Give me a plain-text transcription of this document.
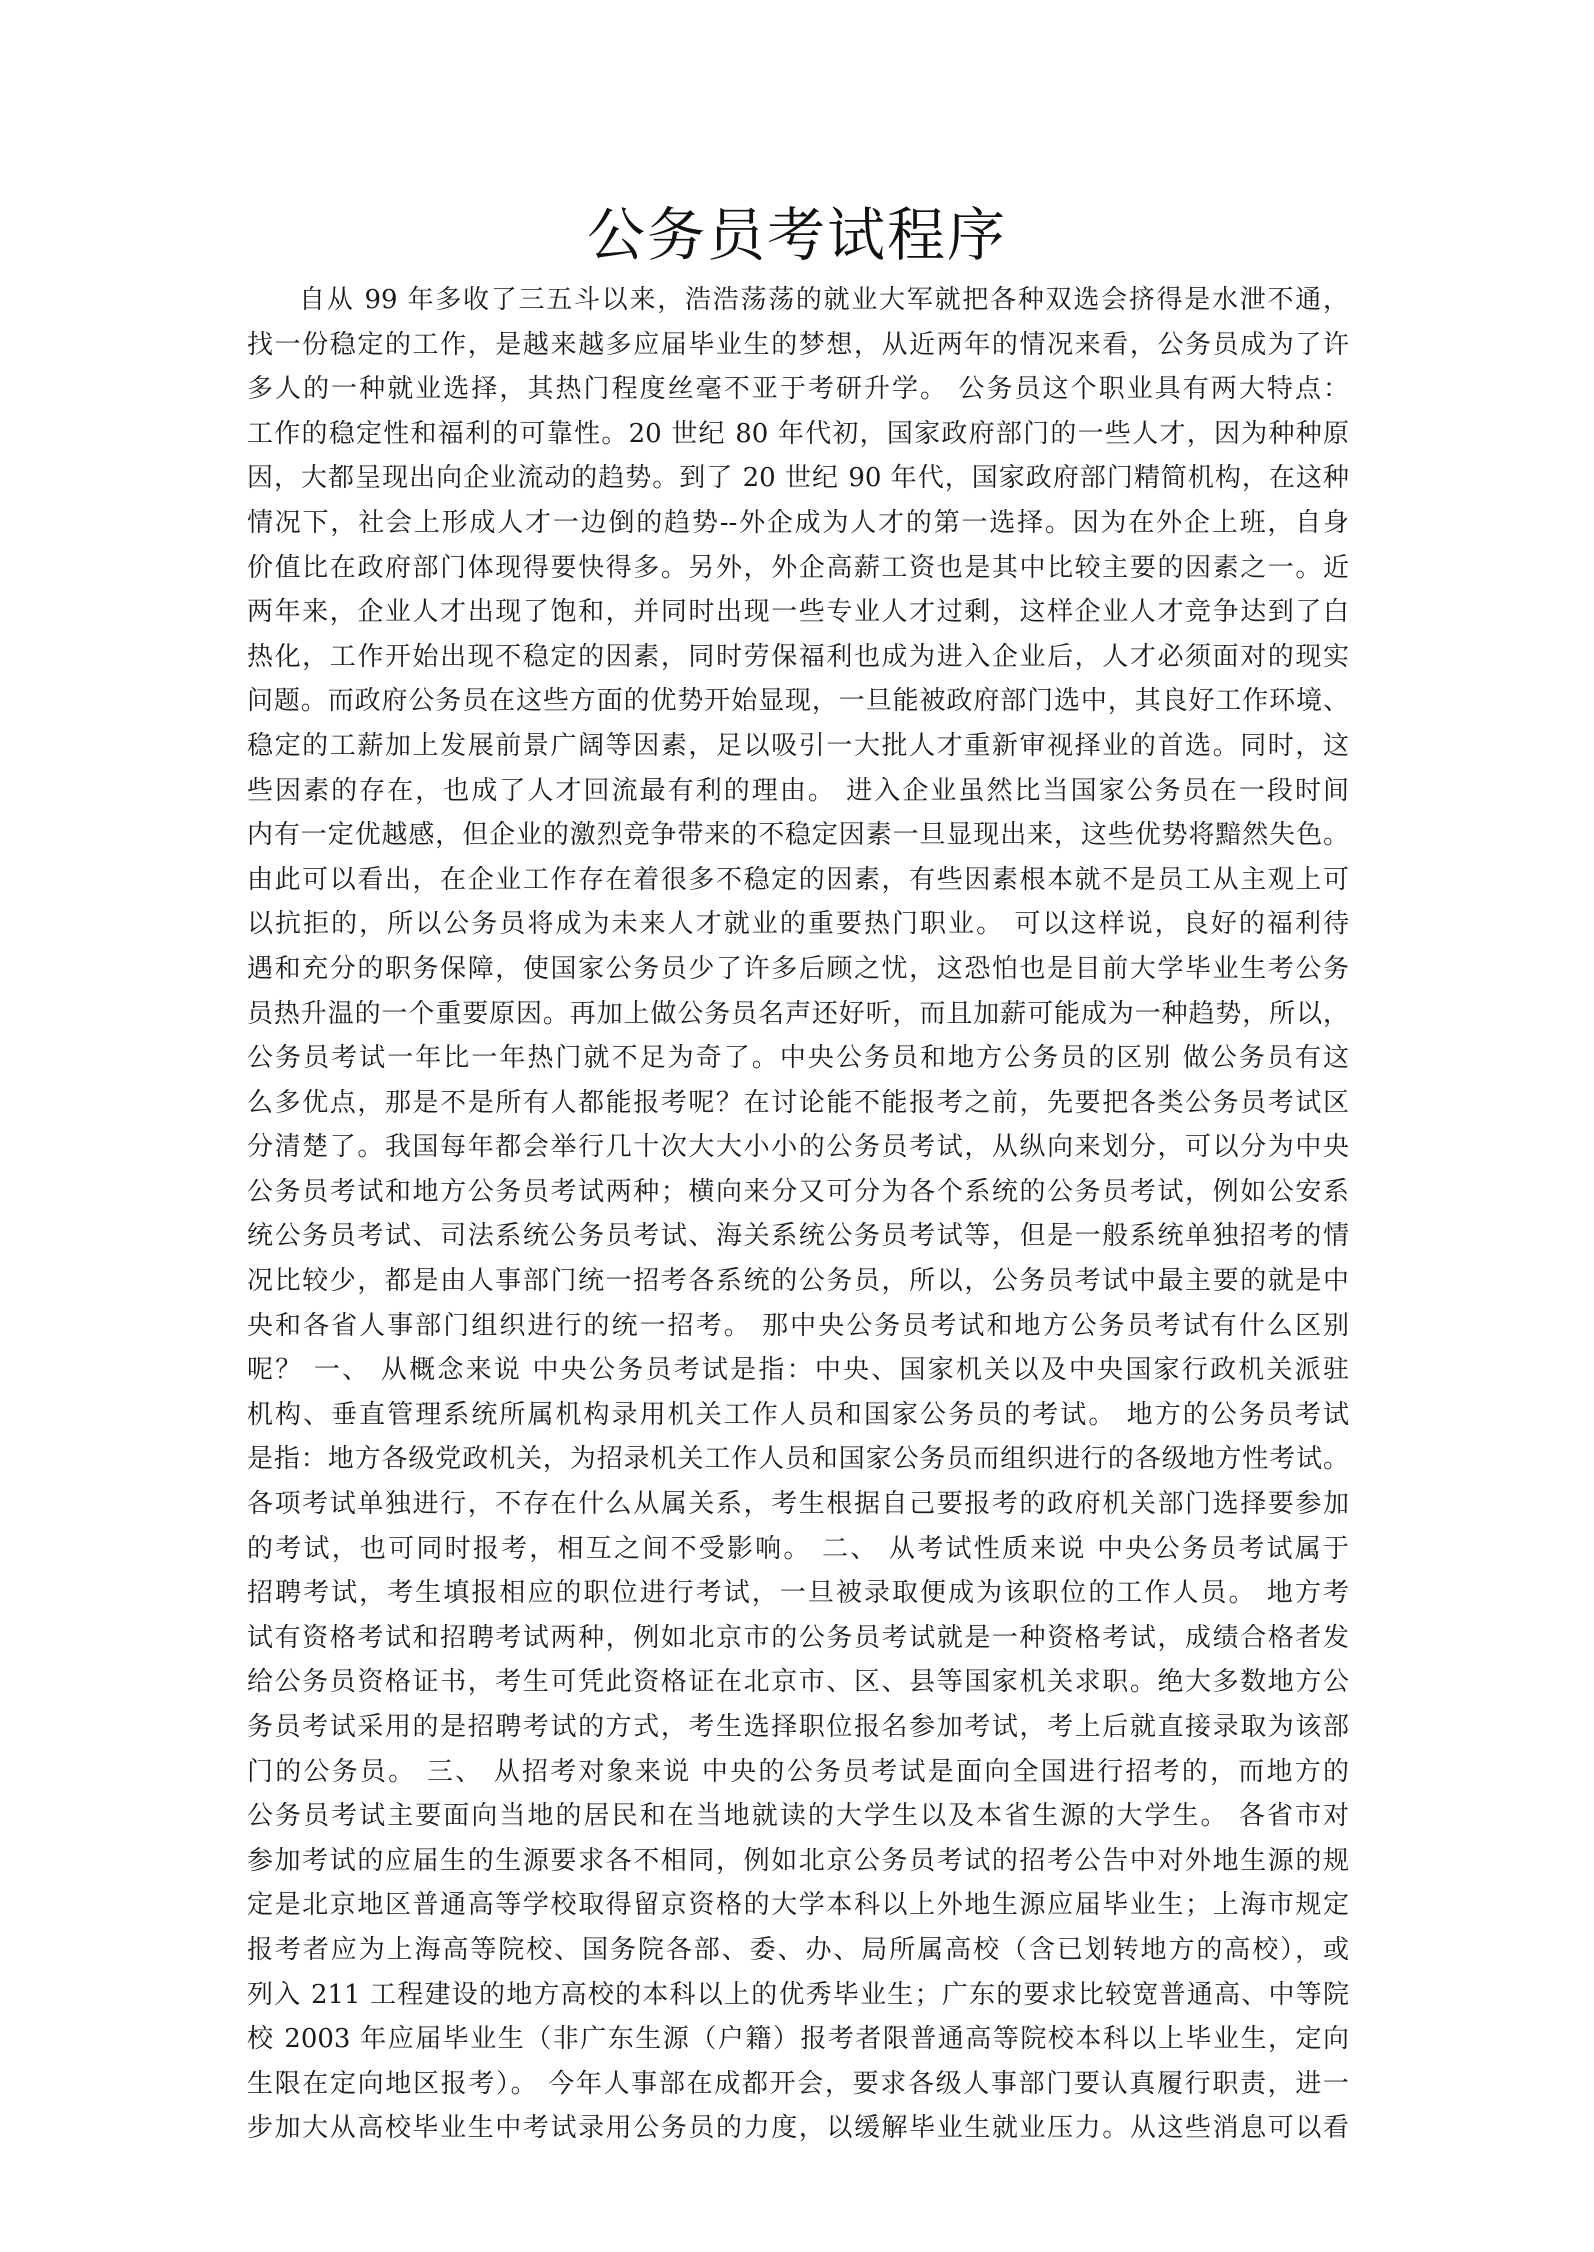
公务员考试程序
自从 99 年多收了三五斗以来，浩浩荡荡的就业大军就把各种双选会挤得是水泄不通，
找一份稳定的工作，是越来越多应届毕业生的梦想，从近两年的情况来看，公务员成为了许
多人的一种就业选择，其热门程度丝毫不亚于考研升学。 公务员这个职业具有两大特点：
工作的稳定性和福利的可靠性。20 世纪 80 年代初，国家政府部门的一些人才，因为种种原
因，大都呈现出向企业流动的趋势。到了 20 世纪 90 年代，国家政府部门精简机构，在这种
情况下，社会上形成人才一边倒的趋势--外企成为人才的第一选择。因为在外企上班，自身
价值比在政府部门体现得要快得多。另外，外企高薪工资也是其中比较主要的因素之一。近
两年来，企业人才出现了饱和，并同时出现一些专业人才过剩，这样企业人才竞争达到了白
热化，工作开始出现不稳定的因素，同时劳保福利也成为进入企业后，人才必须面对的现实
问题。而政府公务员在这些方面的优势开始显现，一旦能被政府部门选中，其良好工作环境、
稳定的工薪加上发展前景广阔等因素，足以吸引一大批人才重新审视择业的首选。同时，这
些因素的存在，也成了人才回流最有利的理由。 进入企业虽然比当国家公务员在一段时间
内有一定优越感，但企业的激烈竞争带来的不稳定因素一旦显现出来，这些优势将黯然失色。
由此可以看出，在企业工作存在着很多不稳定的因素，有些因素根本就不是员工从主观上可
以抗拒的，所以公务员将成为未来人才就业的重要热门职业。 可以这样说，良好的福利待
遇和充分的职务保障，使国家公务员少了许多后顾之忧，这恐怕也是目前大学毕业生考公务
员热升温的一个重要原因。再加上做公务员名声还好听，而且加薪可能成为一种趋势，所以，
公务员考试一年比一年热门就不足为奇了。中央公务员和地方公务员的区别 做公务员有这
么多优点，那是不是所有人都能报考呢？在讨论能不能报考之前，先要把各类公务员考试区
分清楚了。我国每年都会举行几十次大大小小的公务员考试，从纵向来划分，可以分为中央
公务员考试和地方公务员考试两种；横向来分又可分为各个系统的公务员考试，例如公安系
统公务员考试、司法系统公务员考试、海关系统公务员考试等，但是一般系统单独招考的情
况比较少，都是由人事部门统一招考各系统的公务员，所以，公务员考试中最主要的就是中
央和各省人事部门组织进行的统一招考。 那中央公务员考试和地方公务员考试有什么区别
呢？ 一、 从概念来说 中央公务员考试是指：中央、国家机关以及中央国家行政机关派驻
机构、垂直管理系统所属机构录用机关工作人员和国家公务员的考试。 地方的公务员考试
是指：地方各级党政机关，为招录机关工作人员和国家公务员而组织进行的各级地方性考试。
各项考试单独进行，不存在什么从属关系，考生根据自己要报考的政府机关部门选择要参加
的考试，也可同时报考，相互之间不受影响。 二、 从考试性质来说 中央公务员考试属于
招聘考试，考生填报相应的职位进行考试，一旦被录取便成为该职位的工作人员。 地方考
试有资格考试和招聘考试两种，例如北京市的公务员考试就是一种资格考试，成绩合格者发
给公务员资格证书，考生可凭此资格证在北京市、区、县等国家机关求职。绝大多数地方公
务员考试采用的是招聘考试的方式，考生选择职位报名参加考试，考上后就直接录取为该部
门的公务员。 三、 从招考对象来说 中央的公务员考试是面向全国进行招考的，而地方的
公务员考试主要面向当地的居民和在当地就读的大学生以及本省生源的大学生。 各省市对
参加考试的应届生的生源要求各不相同，例如北京公务员考试的招考公告中对外地生源的规
定是北京地区普通高等学校取得留京资格的大学本科以上外地生源应届毕业生；上海市规定
报考者应为上海高等院校、国务院各部、委、办、局所属高校（含已划转地方的高校），或
列入 211 工程建设的地方高校的本科以上的优秀毕业生；广东的要求比较宽普通高、中等院
校 2003 年应届毕业生（非广东生源（户籍）报考者限普通高等院校本科以上毕业生，定向
生限在定向地区报考）。 今年人事部在成都开会，要求各级人事部门要认真履行职责，进一
步加大从高校毕业生中考试录用公务员的力度，以缓解毕业生就业压力。从这些消息可以看
